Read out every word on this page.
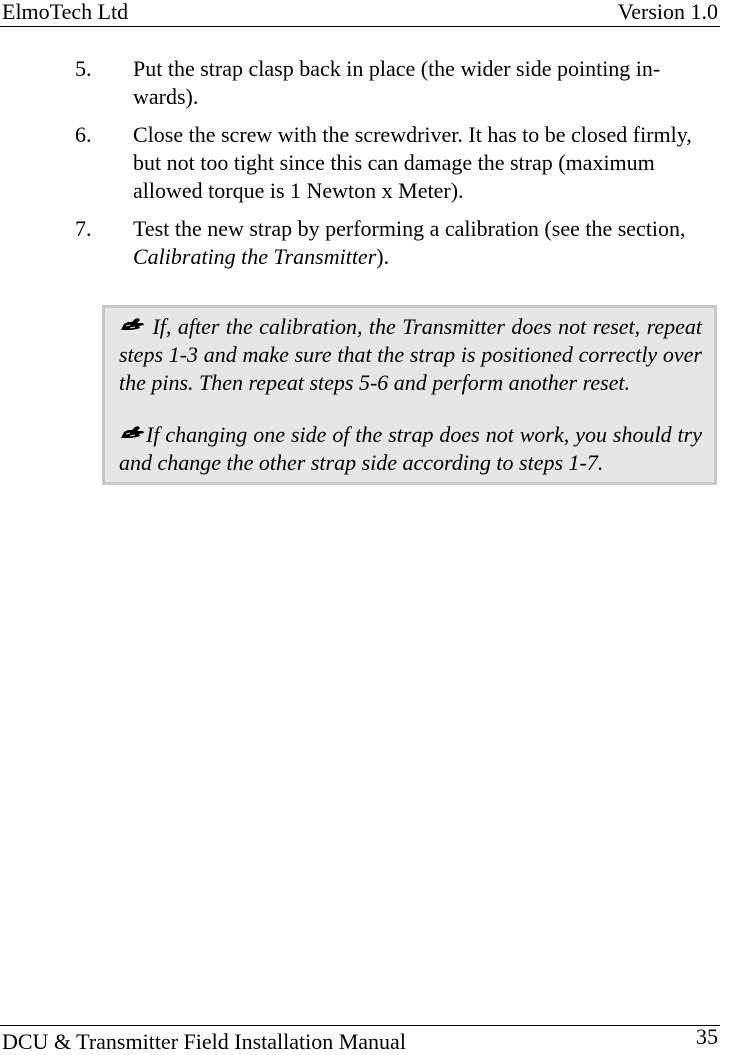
ElmoTech Ltd	Version 1.0
5. Put the strap clasp back in place (the wider side pointing in-wards).
6. Close the screw with the screwdriver. It has to be closed firmly, but not too tight since this can damage the strap (maximum allowed torque is 1 Newton x Meter).
7. Test the new strap by performing a calibration (see the section, Calibrating the Transmitter).

If, after the calibration, the Transmitter does not reset, repeat steps 1-3 and make sure that the strap is positioned correctly over the pins. Then repeat steps 5-6 and perform another reset.

If changing one side of the strap does not work, you should try and change the other strap side according to steps 1-7.

DCU & Transmitter Field Installation Manual	35
